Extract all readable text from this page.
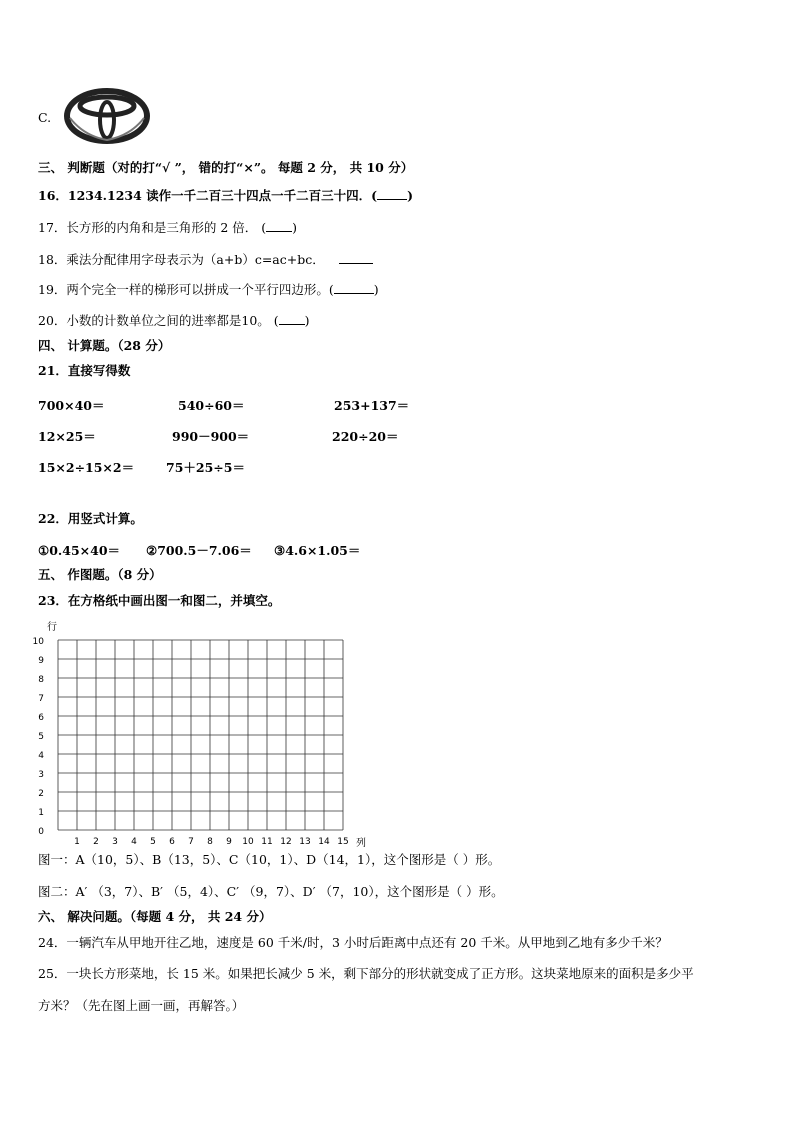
C.
三、 判断题（对的打“√ ”， 错的打“×”。 每题 2 分， 共 10 分）
16．1234.1234 读作一千二百三十四点一千二百三十四．( )
17．长方形的内角和是三角形的 2 倍． ( )
18．乘法分配律用字母表示为（a+b）c=ac+bc．
19．两个完全一样的梯形可以拼成一个平行四边形。(	)
20．小数的计数单位之间的进率都是10。 ( )
四、 计算题。（28 分）
21．直接写得数
700×40＝	540÷60＝	253+137＝
12×25＝	990－900＝	220÷20＝
15×2÷15×2＝	75＋25÷5＝
22．用竖式计算。
①0.45×40＝ ②700.5－7.06＝ ③4.6×1.05＝
五、 作图题。（8 分）
23．在方格纸中画出图一和图二，并填空。
0
1
2
3
4
5
6
7
8
9
10
1 2 3 4 5 6 7 8 9 10 11 12 13 14 15
行
列
图一：A（10，5）、B（13，5）、C（10，1）、D（14，1），这个图形是（ ）形。
图二：A′ （3，7）、B′ （5，4）、C′ （9，7）、D′ （7，10），这个图形是（ ）形。
六、 解决问题。（每题 4 分， 共 24 分）
24．一辆汽车从甲地开往乙地，速度是 60 千米/时，3 小时后距离中点还有 20 千米。从甲地到乙地有多少千米？
25．一块长方形菜地，长 15 米。如果把长减少 5 米，剩下部分的形状就变成了正方形。这块菜地原来的面积是多少平
方米？（先在图上画一画，再解答。）
